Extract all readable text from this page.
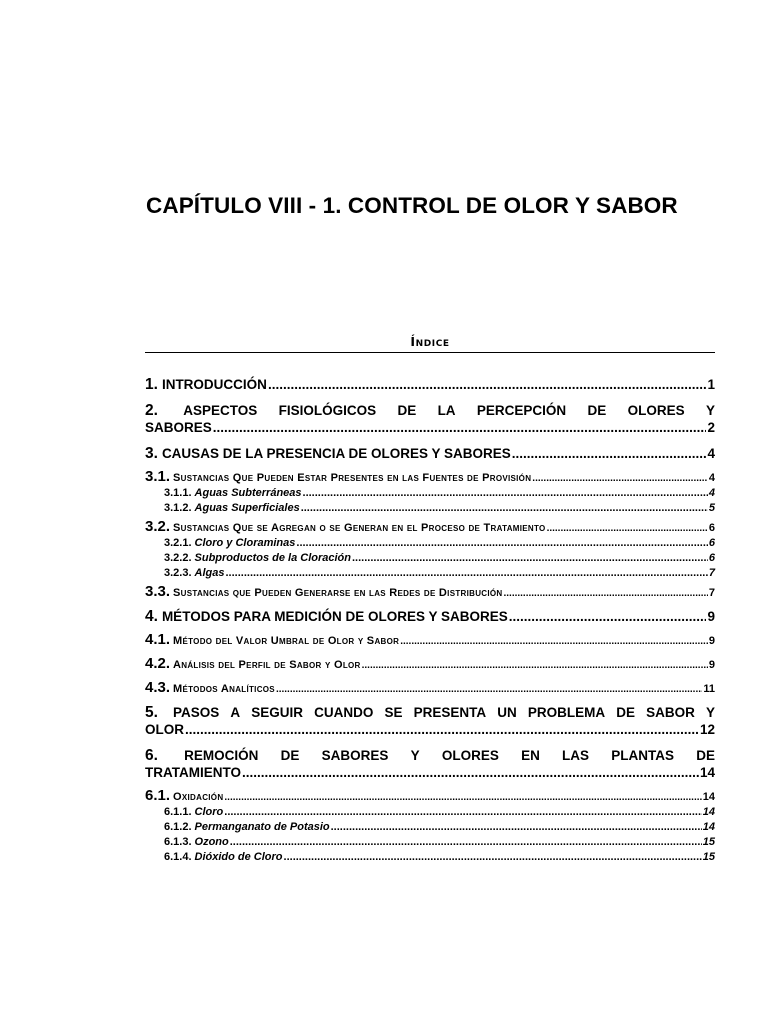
CAPÍTULO VIII - 1. CONTROL DE OLOR Y SABOR
Índice
1. INTRODUCCIÓN .....	1
2. ASPECTOS FISIOLÓGICOS DE LA PERCEPCIÓN DE OLORES Y
SABORES .....	2
3. CAUSAS DE LA PRESENCIA DE OLORES Y SABORES .....	4
3.1. Sustancias Que Pueden Estar Presentes en las Fuentes de Provisión .....	4
3.1.1. Aguas Subterráneas .....	4
3.1.2. Aguas Superficiales .....	5
3.2. Sustancias Que se Agregan o se Generan en el Proceso de Tratamiento .....	6
3.2.1. Cloro y Cloraminas .....	6
3.2.2. Subproductos de la Cloración .....	6
3.2.3. Algas .....	7
3.3. Sustancias que Pueden Generarse en las Redes de Distribución .....	7
4. MÉTODOS PARA MEDICIÓN DE OLORES Y SABORES .....	9
4.1. Método del Valor Umbral de Olor y Sabor .....	9
4.2. Análisis del Perfil de Sabor y Olor .....	9
4.3. Métodos Analíticos .....	11
5. PASOS A SEGUIR CUANDO SE PRESENTA UN PROBLEMA DE SABOR Y
OLOR .....	12
6. REMOCIÓN DE SABORES Y OLORES EN LAS PLANTAS DE
TRATAMIENTO .....	14
6.1. Oxidación .....	14
6.1.1. Cloro .....	14
6.1.2. Permanganato de Potasio .....	14
6.1.3. Ozono .....	15
6.1.4. Dióxido de Cloro .....	15
